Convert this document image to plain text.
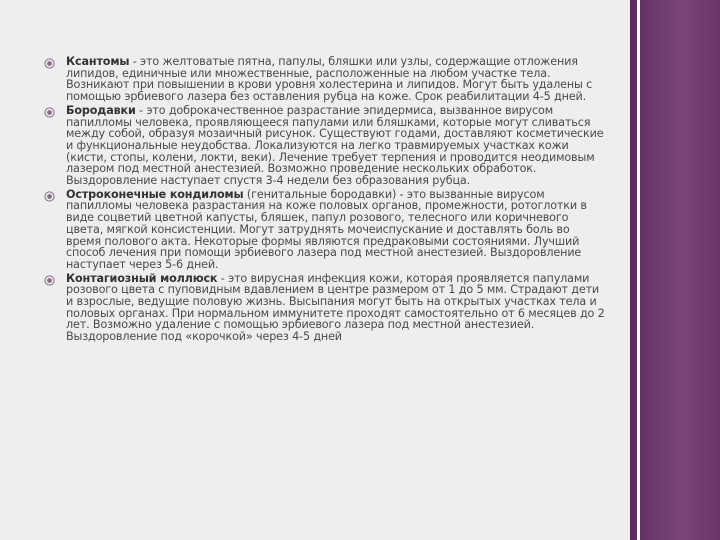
Ксантомы - это желтоватые пятна, папулы, бляшки или узлы, содержащие отложения липидов, единичные или множественные, расположенные на любом участке тела. Возникают при повышении в крови уровня холестерина и липидов. Могут быть удалены с помощью эрбиевого лазера без оставления рубца на коже. Срок реабилитации 4-5 дней.
Бородавки - это доброкачественное разрастание эпидермиса, вызванное вирусом папилломы человека, проявляющееся папулами или бляшками, которые могут сливаться между собой, образуя мозаичный рисунок. Существуют годами, доставляют косметические и функциональные неудобства. Локализуются на легко травмируемых участках кожи (кисти, стопы, колени, локти, веки). Лечение требует терпения и проводится неодимовым лазером под местной анестезией. Возможно проведение нескольких обработок. Выздоровление наступает спустя 3-4 недели без образования рубца.
Остроконечные кондиломы (генитальные бородавки) - это вызванные вирусом папилломы человека разрастания на коже половых органов, промежности, ротоглотки в виде соцветий цветной капусты, бляшек, папул розового, телесного или коричневого цвета, мягкой консистенции. Могут затруднять мочеиспускание и доставлять боль во время полового акта. Некоторые формы являются предраковыми состояниями. Лучший способ лечения при помощи эрбиевого лазера под местной анестезией. Выздоровление наступает через 5-6 дней.
Контагиозный моллюск - это вирусная инфекция кожи, которая проявляется папулами розового цвета с пуповидным вдавлением в центре размером от 1 до 5 мм. Страдают дети и взрослые, ведущие половую жизнь. Высыпания могут быть на открытых участках тела и половых органах. При нормальном иммунитете проходят самостоятельно от 6 месяцев до 2 лет. Возможно удаление с помощью эрбиевого лазера под местной анестезией. Выздоровление под «корочкой» через 4-5 дней
